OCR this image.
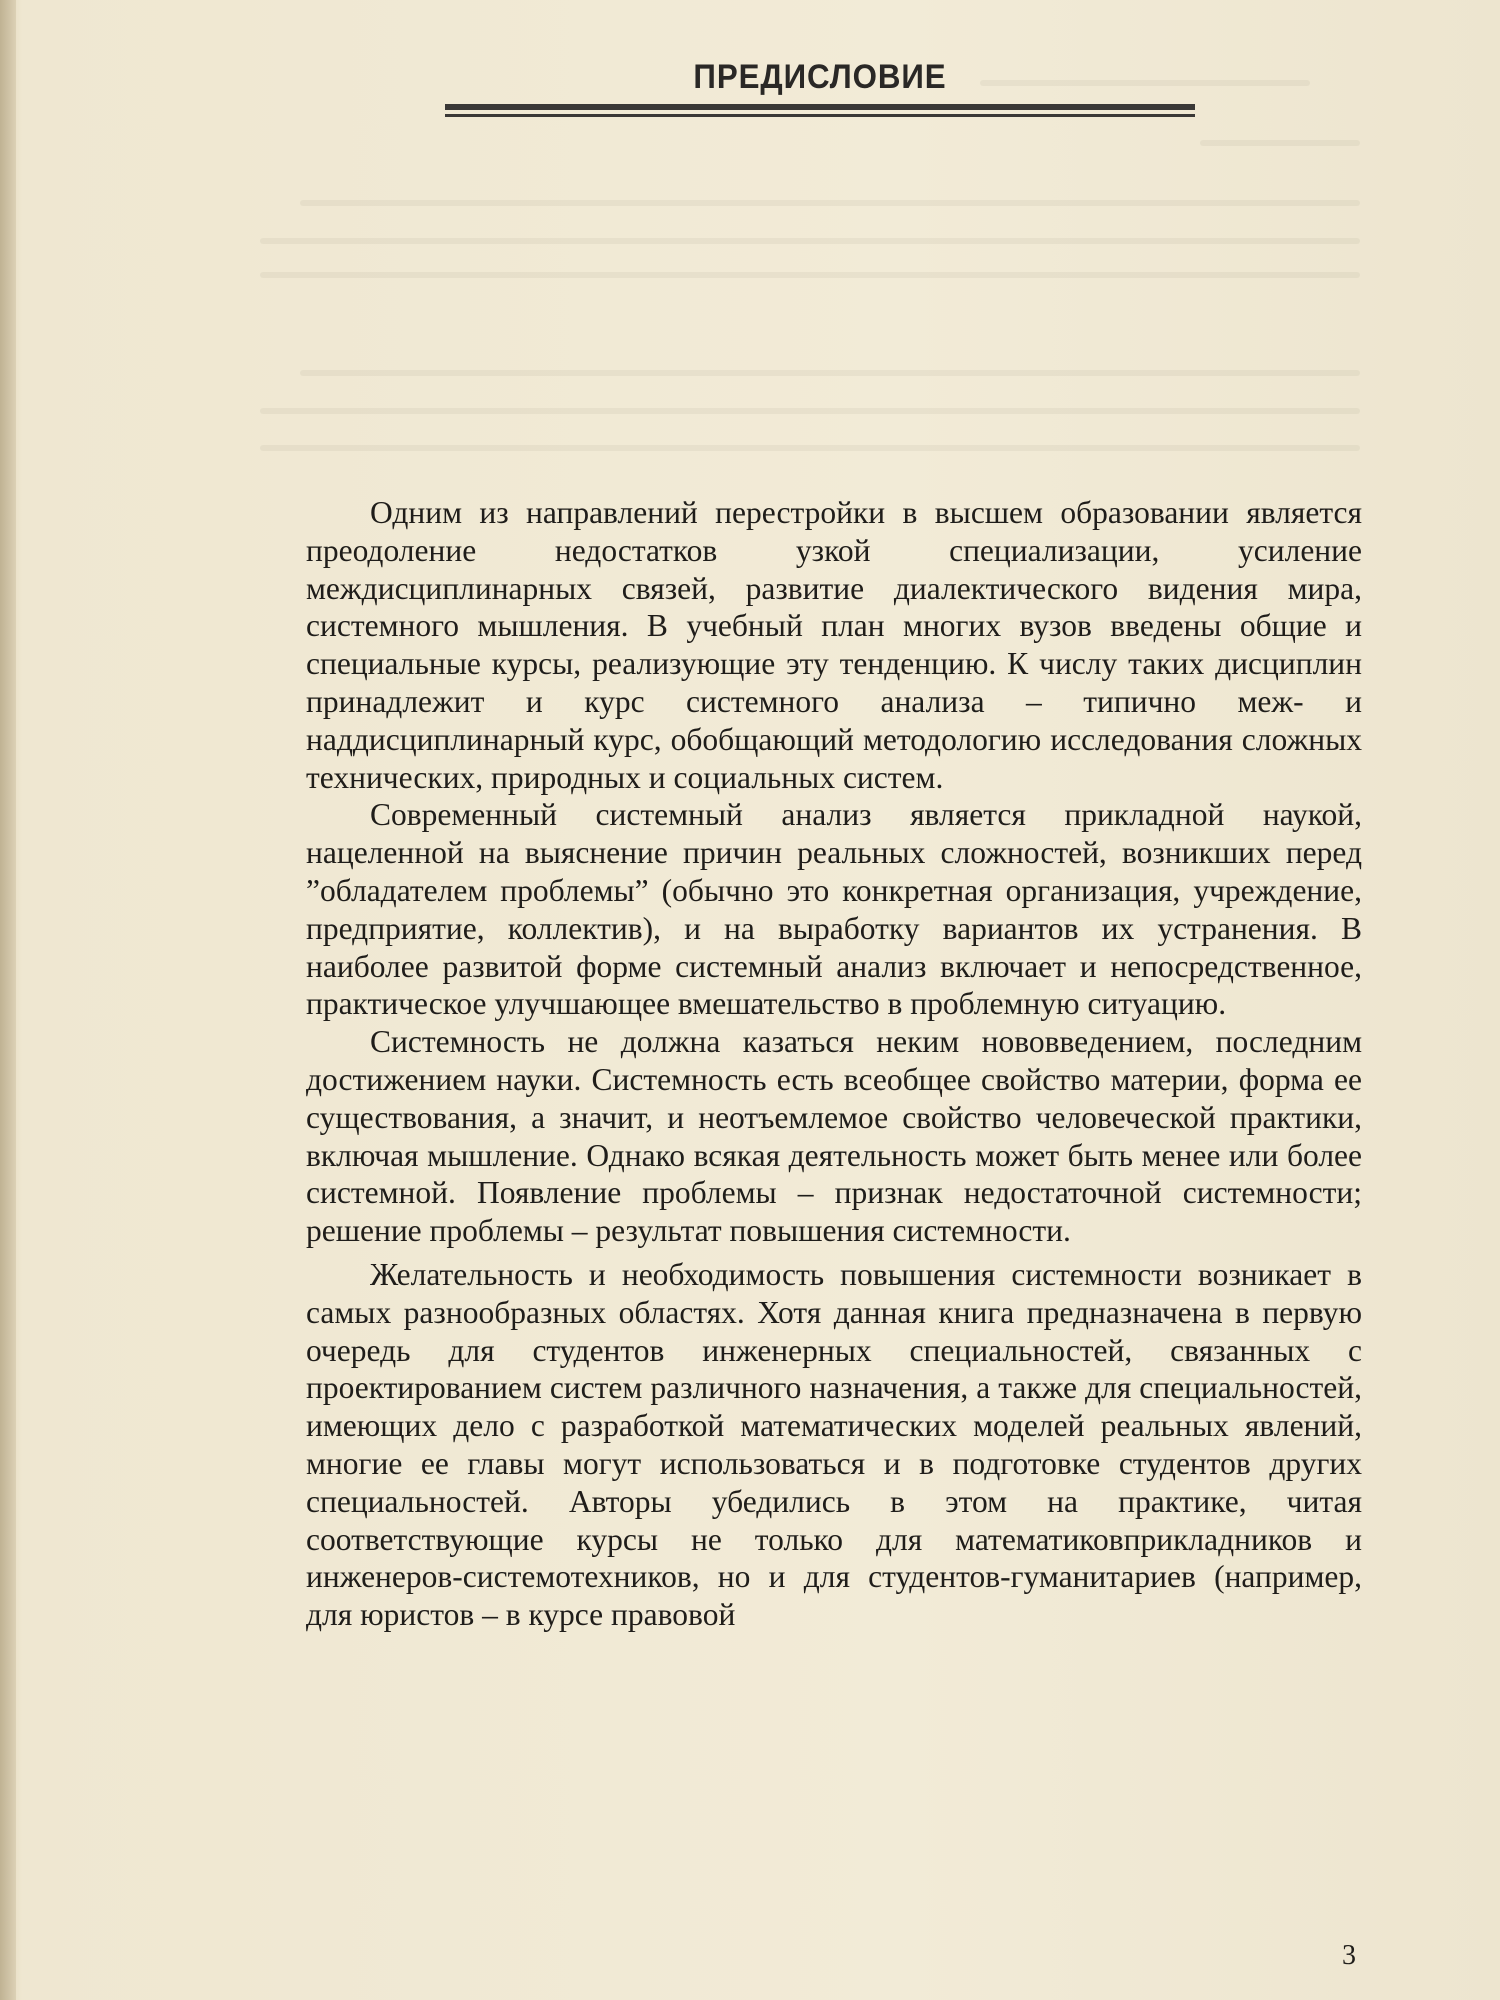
ПРЕДИСЛОВИЕ

Одним из направлений перестройки в высшем образовании является преодоление недостатков узкой специализации, усиление междисциплинарных связей, развитие диалектического видения мира, системного мышления. В учебный план многих вузов введены общие и специальные курсы, реализующие эту тенденцию. К числу таких дисциплин принадлежит и курс системного анализа – типично меж- и наддисциплинарный курс, обобщающий методологию исследования сложных технических, природных и социальных систем.

Современный системный анализ является прикладной наукой, нацеленной на выяснение причин реальных сложностей, возникших перед ”обладателем проблемы” (обычно это конкретная организация, учреждение, предприятие, коллектив), и на выработку вариантов их устранения. В наиболее развитой форме системный анализ включает и непосредственное, практическое улучшающее вмешательство в проблемную ситуацию.

Системность не должна казаться неким нововведением, последним достижением науки. Системность есть всеобщее свойство материи, форма ее существования, а значит, и неотъемлемое свойство человеческой практики, включая мышление. Однако всякая деятельность может быть менее или более системной. Появление проблемы – признак недостаточной системности; решение проблемы – результат повышения системности.

Желательность и необходимость повышения системности возникает в самых разнообразных областях. Хотя данная книга предназначена в первую очередь для студентов инженерных специальностей, связанных с проектированием систем различного назначения, а также для специальностей, имеющих дело с разработкой математических моделей реальных явлений, многие ее главы могут использоваться и в подготовке студентов других специальностей. Авторы убедились в этом на практике, читая соответствующие курсы не только для математиковприкладников и инженеров-системотехников, но и для студентов-гуманитариев (например, для юристов – в курсе правовой

3
